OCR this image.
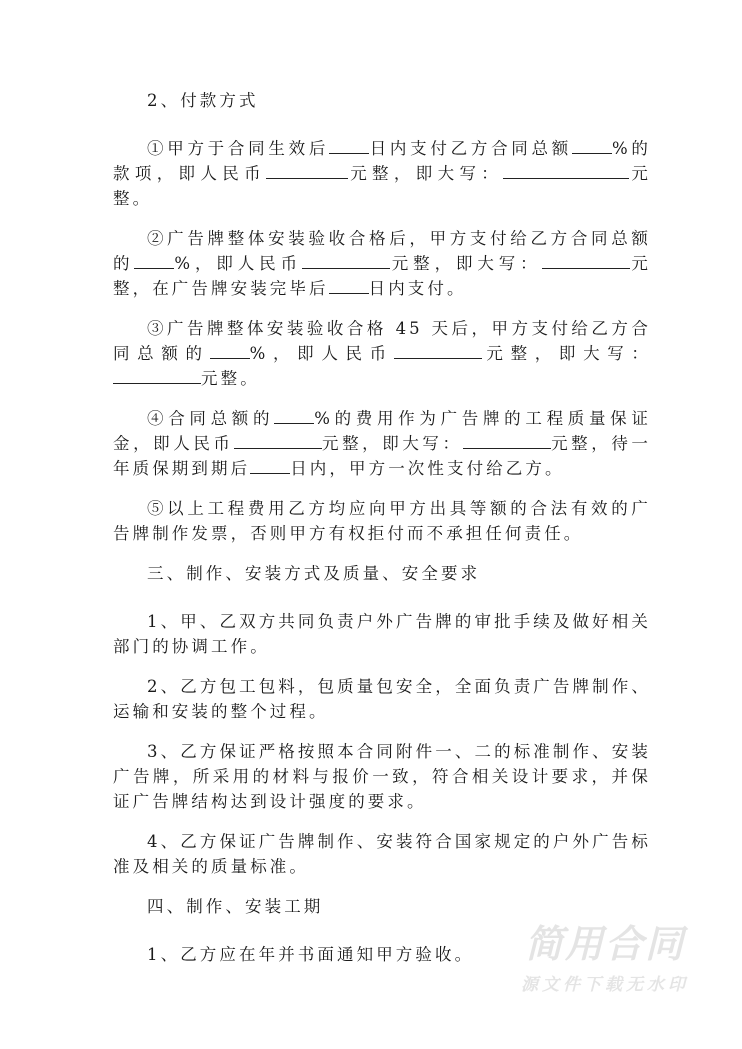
2、付款方式

①甲方于合同生效后 日内支付乙方合同总额 %的款项，即人民币	元整，即大写：	元整。

②广告牌整体安装验收合格后，甲方支付给乙方合同总额的 %，即人民币	元整，即大写：	元整，在广告牌安装完毕后 日内支付。

③广告牌整体安装验收合格 45 天后，甲方支付给乙方合同总额的 %，即人民币	元整，即大写：元整。

④合同总额的 %的费用作为广告牌的工程质量保证金，即人民币	元整，即大写：	元整，待一年质保期到期后 日内，甲方一次性支付给乙方。

⑤以上工程费用乙方均应向甲方出具等额的合法有效的广告牌制作发票，否则甲方有权拒付而不承担任何责任。

三、制作、安装方式及质量、安全要求

1、甲、乙双方共同负责户外广告牌的审批手续及做好相关部门的协调工作。

2、乙方包工包料，包质量包安全，全面负责广告牌制作、运输和安装的整个过程。

3、乙方保证严格按照本合同附件一、二的标准制作、安装广告牌，所采用的材料与报价一致，符合相关设计要求，并保证广告牌结构达到设计强度的要求。

4、乙方保证广告牌制作、安装符合国家规定的户外广告标准及相关的质量标准。

四、制作、安装工期

1、乙方应在年并书面通知甲方验收。	简用合同
源文件下载无水印
